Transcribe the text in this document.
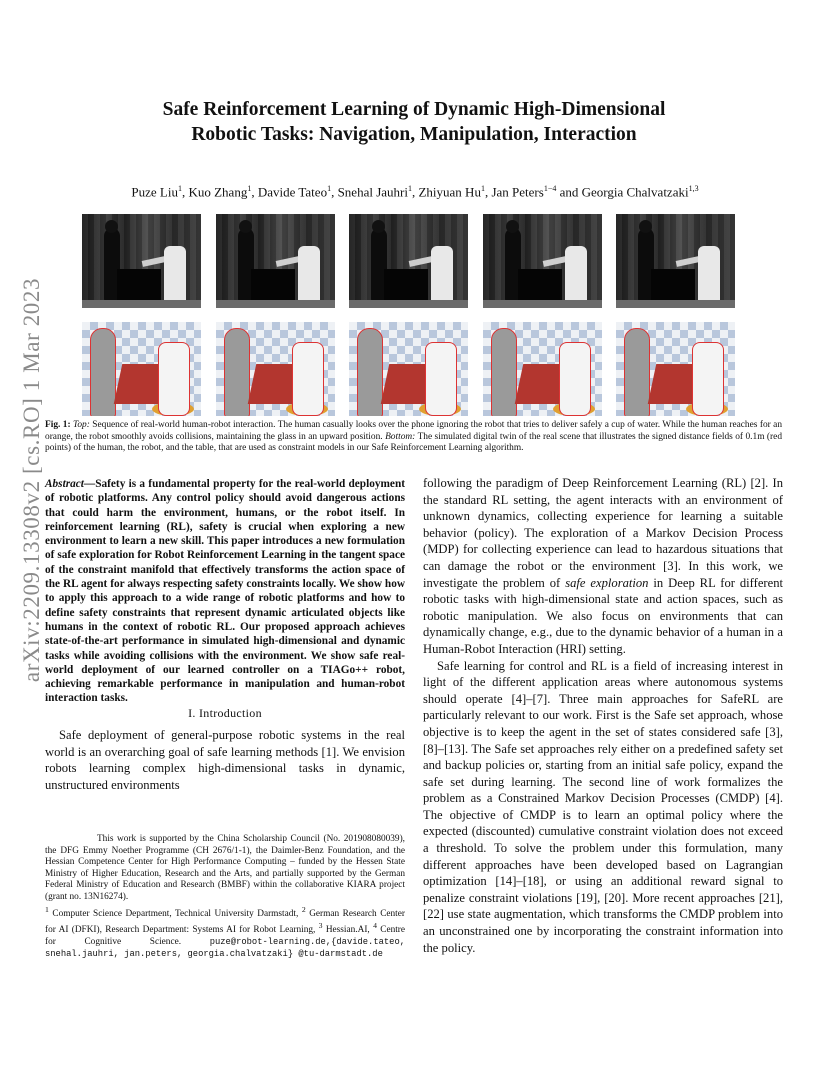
arXiv:2209.13308v2 [cs.RO] 1 Mar 2023
Safe Reinforcement Learning of Dynamic High-Dimensional
Robotic Tasks: Navigation, Manipulation, Interaction
Puze Liu$^1$, Kuo Zhang$^1$, Davide Tateo$^1$, Snehal Jauhri$^1$, Zhiyuan Hu$^1$, Jan Peters$^{1-4}$ and Georgia Chalvatzaki$^{1,3}$
Fig. 1: Top: Sequence of real-world human-robot interaction. The human casually looks over the phone ignoring the robot that tries to deliver safely a cup of water. While the human reaches for an orange, the robot smoothly avoids collisions, maintaining the glass in an upward position. Bottom: The simulated digital twin of the real scene that illustrates the signed distance fields of 0.1m (red points) of the human, the robot, and the table, that are used as constraint models in our Safe Reinforcement Learning algorithm.
Abstract—Safety is a fundamental property for the real-world deployment of robotic platforms. Any control policy should avoid dangerous actions that could harm the environment, humans, or the robot itself. In reinforcement learning (RL), safety is crucial when exploring a new environment to learn a new skill. This paper introduces a new formulation of safe exploration for Robot Reinforcement Learning in the tangent space of the constraint manifold that effectively transforms the action space of the RL agent for always respecting safety constraints locally. We show how to apply this approach to a wide range of robotic platforms and how to define safety constraints that represent dynamic articulated objects like humans in the context of robotic RL. Our proposed approach achieves state-of-the-art performance in simulated high-dimensional and dynamic tasks while avoiding collisions with the environment. We show safe real-world deployment of our learned controller on a TIAGo++ robot, achieving remarkable performance in manipulation and human-robot interaction tasks.
I. Introduction
Safe deployment of general-purpose robotic systems in the real world is an overarching goal of safe learning methods [1]. We envision robots learning complex high-dimensional tasks in dynamic, unstructured environments

This work is supported by the China Scholarship Council (No. 201908080039), the DFG Emmy Noether Programme (CH 2676/1-1), the Daimler-Benz Foundation, and the Hessian Competence Center for High Performance Computing – funded by the Hessen State Ministry of Higher Education, Research and the Arts, and partially supported by the German Federal Ministry of Education and Research (BMBF) within the collaborative KIARA project (grant no. 13N16274).

$^1$ Computer Science Department, Technical University Darmstadt, $^2$ German Research Center for AI (DFKI), Research Department: Systems AI for Robot Learning, $^3$ Hessian.AI, $^4$ Centre for Cognitive Science.	puze@robot-learning.de,{davide.tateo, snehal.jauhri, jan.peters, georgia.chalvatzaki} @tu-darmstadt.de

following the paradigm of Deep Reinforcement Learning (RL) [2]. In the standard RL setting, the agent interacts with an environment of unknown dynamics, collecting experience for learning a suitable behavior (policy). The exploration of a Markov Decision Process (MDP) for collecting experience can lead to hazardous situations that can damage the robot or the environment [3]. In this work, we investigate the problem of safe exploration in Deep RL for different robotic tasks with high-dimensional state and action spaces, such as robotic manipulation. We also focus on environments that can dynamically change, e.g., due to the dynamic behavior of a human in a Human-Robot Interaction (HRI) setting.

Safe learning for control and RL is a field of increasing interest in light of the different application areas where autonomous systems should operate [4]–[7]. Three main approaches for SafeRL are particularly relevant to our work. First is the Safe set approach, whose objective is to keep the agent in the set of states considered safe [3], [8]–[13]. The Safe set approaches rely either on a predefined safety set and backup policies or, starting from an initial safe policy, expand the safe set during learning. The second line of work formalizes the problem as a Constrained Markov Decision Processes (CMDP) [4]. The objective of CMDP is to learn an optimal policy where the expected (discounted) cumulative constraint violation does not exceed a threshold. To solve the problem under this formulation, many different approaches have been developed based on Lagrangian optimization [14]–[18], or using an additional reward signal to penalize constraint violations [19], [20]. More recent approaches [21], [22] use state augmentation, which transforms the CMDP problem into an unconstrained one by incorporating the constraint information into the policy.
